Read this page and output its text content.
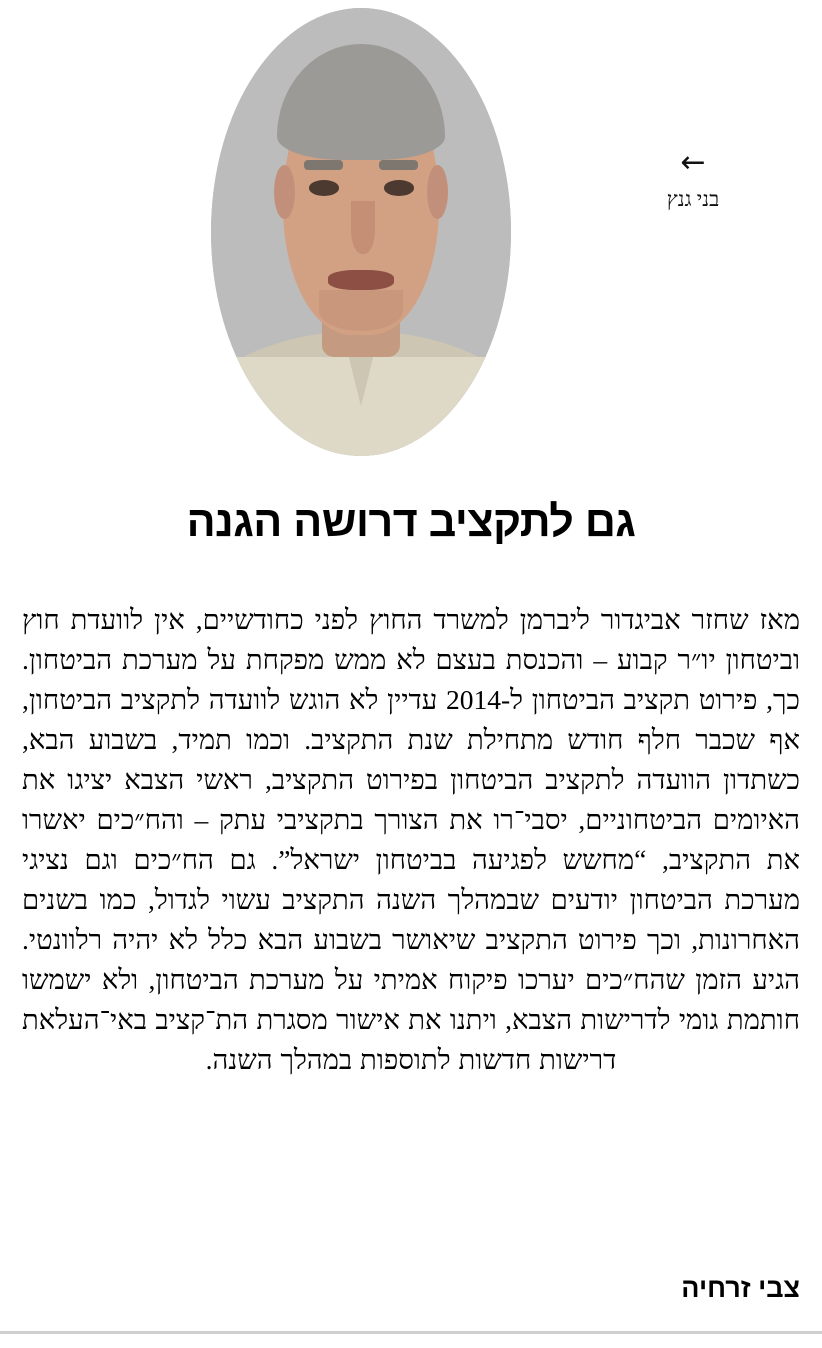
←
בני גנץ
גם לתקציב דרושה הגנה

מאז שחזר אביגדור ליברמן למשרד החוץ לפני כחודשיים, אין לוועדת חוץ וביטחון יו״ר קבוע – והכנסת בעצם לא ממש מפקחת על מערכת הביטחון. כך, פירוט תקציב הביטחון ל-2014 עדיין לא הוגש לוועדה לתקציב הביטחון, אף שכבר חלף חודש מתחילת שנת התקציב. וכמו תמיד, בשבוע הבא, כשתדון הוועדה לתקציב הביטחון בפירוט התקציב, ראשי הצבא יציגו את האיומים הביטחוניים, יסבי־רו את הצורך בתקציבי עתק – והח״כים יאשרו את התקציב, “מחשש לפגיעה בביטחון ישראל”. גם הח״כים וגם נציגי מערכת הביטחון יודעים שבמהלך השנה התקציב עשוי לגדול, כמו בשנים האחרונות, וכך פירוט התקציב שיאושר בשבוע הבא כלל לא יהיה רלוונטי. הגיע הזמן שהח״כים יערכו פיקוח אמיתי על מערכת הביטחון, ולא ישמשו חותמת גומי לדרישות הצבא, ויתנו את אישור מסגרת הת־קציב באי־העלאת דרישות חדשות לתוספות במהלך השנה.

צבי זרחיה
